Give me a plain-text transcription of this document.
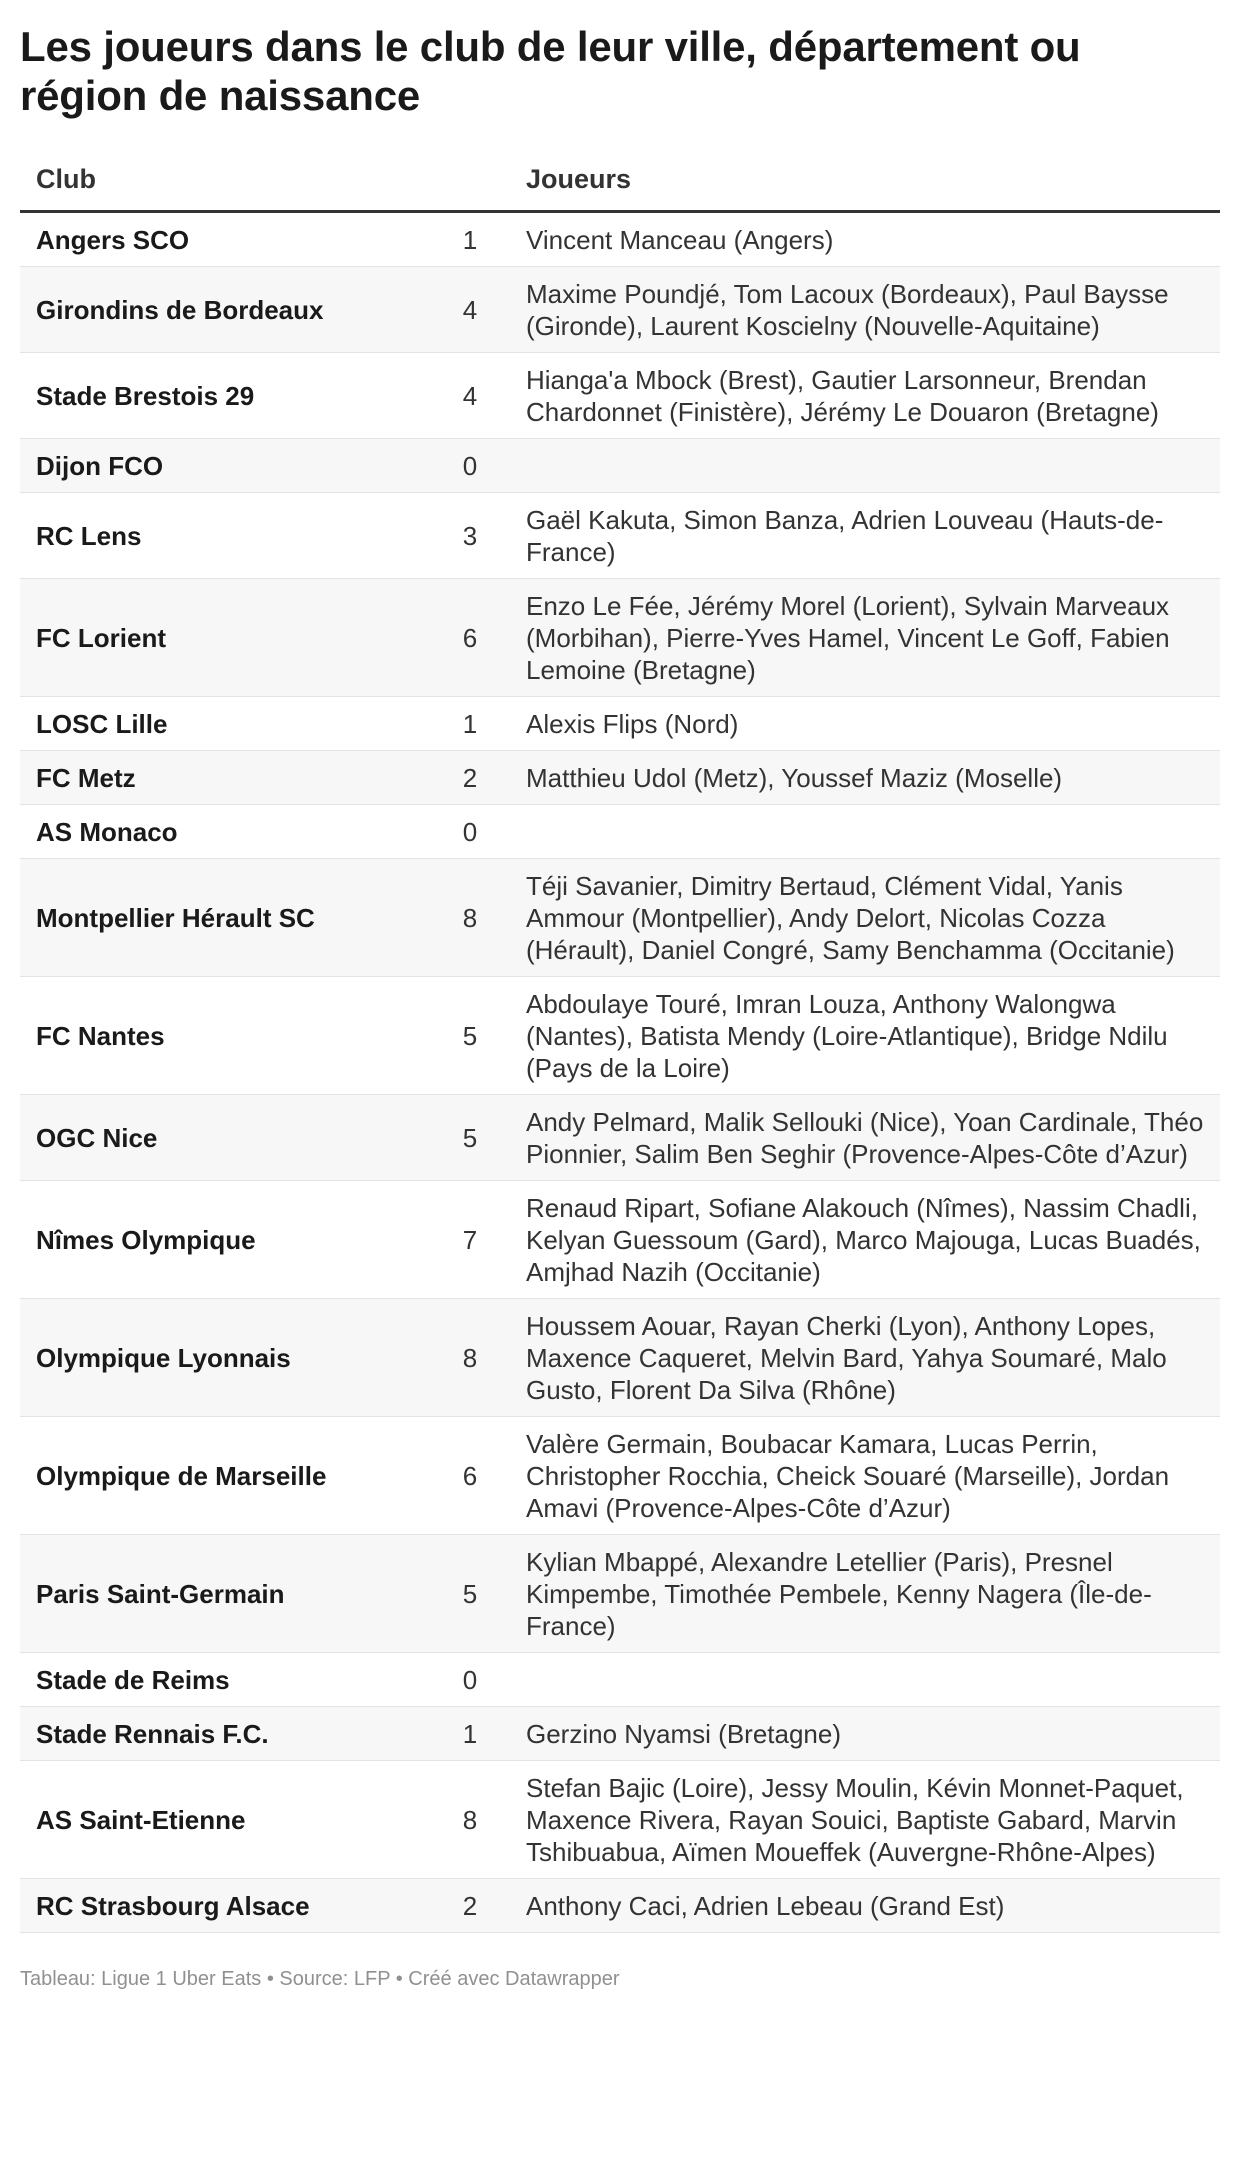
Les joueurs dans le club de leur ville, département ou région de naissance
Club		Joueurs
Angers SCO	1	Vincent Manceau (Angers)
Girondins de Bordeaux	4	Maxime Poundjé, Tom Lacoux (Bordeaux), Paul Baysse (Gironde), Laurent Koscielny (Nouvelle-Aquitaine)
Stade Brestois 29	4	Hianga'a Mbock (Brest), Gautier Larsonneur, Brendan Chardonnet (Finistère), Jérémy Le Douaron (Bretagne)
Dijon FCO	0	
RC Lens	3	Gaël Kakuta, Simon Banza, Adrien Louveau (Hauts-de-France)
FC Lorient	6	Enzo Le Fée, Jérémy Morel (Lorient), Sylvain Marveaux (Morbihan), Pierre-Yves Hamel, Vincent Le Goff, Fabien Lemoine (Bretagne)
LOSC Lille	1	Alexis Flips (Nord)
FC Metz	2	Matthieu Udol (Metz), Youssef Maziz (Moselle)
AS Monaco	0	
Montpellier Hérault SC	8	Téji Savanier, Dimitry Bertaud, Clément Vidal, Yanis Ammour (Montpellier), Andy Delort, Nicolas Cozza (Hérault), Daniel Congré, Samy Benchamma (Occitanie)
FC Nantes	5	Abdoulaye Touré, Imran Louza, Anthony Walongwa (Nantes), Batista Mendy (Loire-Atlantique), Bridge Ndilu (Pays de la Loire)
OGC Nice	5	Andy Pelmard, Malik Sellouki (Nice), Yoan Cardinale, Théo Pionnier, Salim Ben Seghir (Provence-Alpes-Côte d’Azur)
Nîmes Olympique	7	Renaud Ripart, Sofiane Alakouch (Nîmes), Nassim Chadli, Kelyan Guessoum (Gard), Marco Majouga, Lucas Buadés, Amjhad Nazih (Occitanie)
Olympique Lyonnais	8	Houssem Aouar, Rayan Cherki (Lyon), Anthony Lopes, Maxence Caqueret, Melvin Bard, Yahya Soumaré, Malo Gusto, Florent Da Silva (Rhône)
Olympique de Marseille	6	Valère Germain, Boubacar Kamara, Lucas Perrin, Christopher Rocchia, Cheick Souaré (Marseille), Jordan Amavi (Provence-Alpes-Côte d’Azur)
Paris Saint-Germain	5	Kylian Mbappé, Alexandre Letellier (Paris), Presnel Kimpembe, Timothée Pembele, Kenny Nagera (Île-de-France)
Stade de Reims	0	
Stade Rennais F.C.	1	Gerzino Nyamsi (Bretagne)
AS Saint-Etienne	8	Stefan Bajic (Loire), Jessy Moulin, Kévin Monnet-Paquet, Maxence Rivera, Rayan Souici, Baptiste Gabard, Marvin Tshibuabua, Aïmen Moueffek (Auvergne-Rhône-Alpes)
RC Strasbourg Alsace	2	Anthony Caci, Adrien Lebeau (Grand Est)
Tableau: Ligue 1 Uber Eats • Source: LFP • Créé avec Datawrapper
